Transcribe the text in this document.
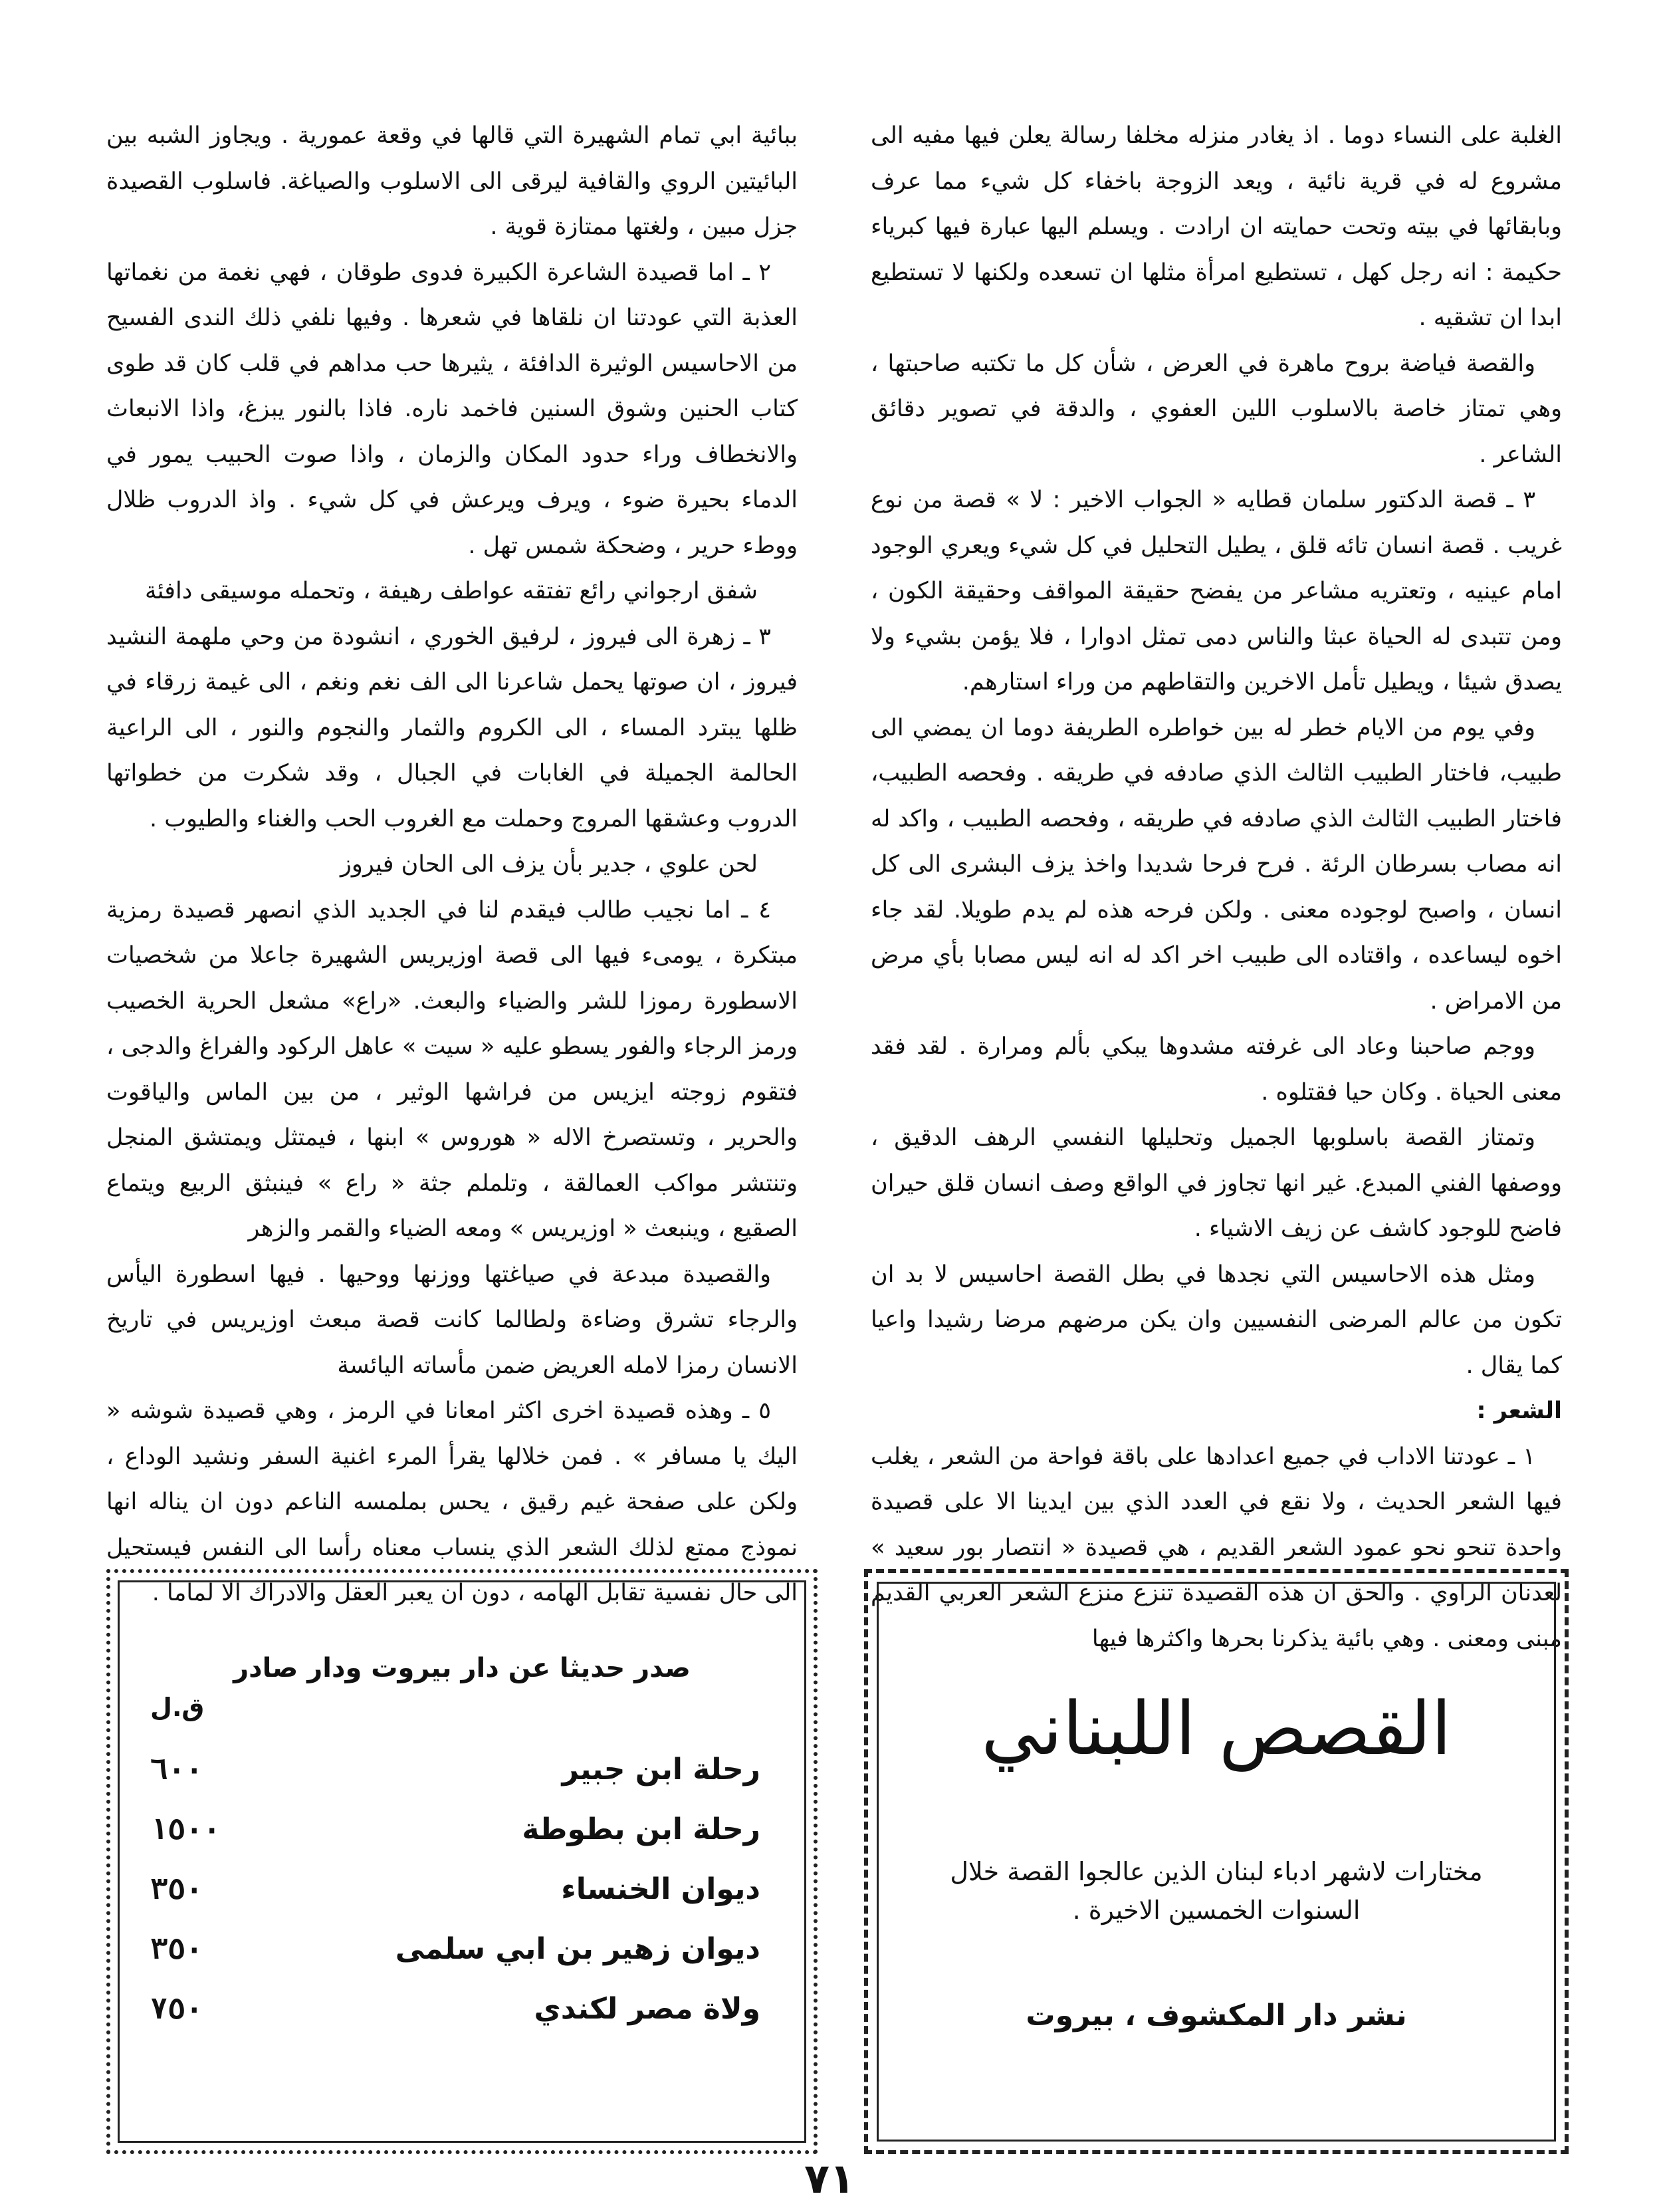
الغلبة على النساء دوما . اذ يغادر منزله مخلفا رسالة يعلن فيها مفيه الى مشروع له في قرية نائية ، ويعد الزوجة باخفاء كل شيء مما عرف وبابقائها في بيته وتحت حمايته ان ارادت . ويسلم اليها عبارة فيها كبرياء حكيمة : انه رجل كهل ، تستطيع امرأة مثلها ان تسعده ولكنها لا تستطيع ابدا ان تشقيه .

والقصة فياضة بروح ماهرة في العرض ، شأن كل ما تكتبه صاحبتها ، وهي تمتاز خاصة بالاسلوب اللين العفوي ، والدقة في تصوير دقائق الشاعر .

٣ ـ قصة الدكتور سلمان قطايه « الجواب الاخير : لا » قصة من نوع غريب . قصة انسان تائه قلق ، يطيل التحليل في كل شيء ويعري الوجود امام عينيه ، وتعتريه مشاعر من يفضح حقيقة المواقف وحقيقة الكون ، ومن تتبدى له الحياة عبثا والناس دمى تمثل ادوارا ، فلا يؤمن بشيء ولا يصدق شيئا ، ويطيل تأمل الاخرين والتقاطهم من وراء استارهم.

وفي يوم من الايام خطر له بين خواطره الطريفة دوما ان يمضي الى طبيب، فاختار الطبيب الثالث الذي صادفه في طريقه . وفحصه الطبيب، فاختار الطبيب الثالث الذي صادفه في طريقه ، وفحصه الطبيب ، واكد له انه مصاب بسرطان الرئة . فرح فرحا شديدا واخذ يزف البشرى الى كل انسان ، واصبح لوجوده معنى . ولكن فرحه هذه لم يدم طويلا. لقد جاء اخوه ليساعده ، واقتاده الى طبيب اخر اكد له انه ليس مصابا بأي مرض من الامراض .

ووجم صاحبنا وعاد الى غرفته مشدوها يبكي بألم ومرارة . لقد فقد معنى الحياة . وكان حيا فقتلوه .

وتمتاز القصة باسلوبها الجميل وتحليلها النفسي الرهف الدقيق ، ووصفها الفني المبدع. غير انها تجاوز في الواقع وصف انسان قلق حيران فاضح للوجود كاشف عن زيف الاشياء .

ومثل هذه الاحاسيس التي نجدها في بطل القصة احاسيس لا بد ان تكون من عالم المرضى النفسيين وان يكن مرضهم مرضا رشيدا واعيا كما يقال .

الشعر :

١ ـ عودتنا الاداب في جميع اعدادها على باقة فواحة من الشعر ، يغلب فيها الشعر الحديث ، ولا نقع في العدد الذي بين ايدينا الا على قصيدة واحدة تنحو نحو عمود الشعر القديم ، هي قصيدة « انتصار بور سعيد » لعدنان الراوي . والحق ان هذه القصيدة تنزع منزع الشعر العربي القديم مبنى ومعنى . وهي بائية يذكرنا بحرها واكثرها فيها

ببائية ابي تمام الشهيرة التي قالها في وقعة عمورية . ويجاوز الشبه بين البائيتين الروي والقافية ليرقى الى الاسلوب والصياغة. فاسلوب القصيدة جزل مبين ، ولغتها ممتازة قوية .

٢ ـ اما قصيدة الشاعرة الكبيرة فدوى طوقان ، فهي نغمة من نغماتها العذبة التي عودتنا ان نلقاها في شعرها . وفيها نلفي ذلك الندى الفسيح من الاحاسيس الوثيرة الدافئة ، يثيرها حب مداهم في قلب كان قد طوى كتاب الحنين وشوق السنين فاخمد ناره. فاذا بالنور يبزغ، واذا الانبعاث والانخطاف وراء حدود المكان والزمان ، واذا صوت الحبيب يمور في الدماء بحيرة ضوء ، ويرف ويرعش في كل شيء . واذ الدروب ظلال ووطء حرير ، وضحكة شمس تهل .

شفق ارجواني رائع تفتقه عواطف رهيفة ، وتحمله موسيقى دافئة

٣ ـ زهرة الى فيروز ، لرفيق الخوري ، انشودة من وحي ملهمة النشيد فيروز ، ان صوتها يحمل شاعرنا الى الف نغم ونغم ، الى غيمة زرقاء في ظلها يبترد المساء ، الى الكروم والثمار والنجوم والنور ، الى الراعية الحالمة الجميلة في الغابات في الجبال ، وقد شكرت من خطواتها الدروب وعشقها المروج وحملت مع الغروب الحب والغناء والطيوب .

لحن علوي ، جدير بأن يزف الى الحان فيروز

٤ ـ اما نجيب طالب فيقدم لنا في الجديد الذي انصهر قصيدة رمزية مبتكرة ، يومىء فيها الى قصة اوزيريس الشهيرة جاعلا من شخصيات الاسطورة رموزا للشر والضياء والبعث. «راع» مشعل الحرية الخصيب ورمز الرجاء والفور يسطو عليه « سيت » عاهل الركود والفراغ والدجى ، فتقوم زوجته ايزيس من فراشها الوثير ، من بين الماس والياقوت والحرير ، وتستصرخ الاله « هوروس » ابنها ، فيمتثل ويمتشق المنجل وتنتشر مواكب العمالقة ، وتلملم جثة « راع » فينبثق الربيع ويتماع الصقيع ، وينبعث « اوزيريس » ومعه الضياء والقمر والزهر

والقصيدة مبدعة في صياغتها ووزنها ووحيها . فيها اسطورة اليأس والرجاء تشرق وضاءة ولطالما كانت قصة مبعث اوزيريس في تاريخ الانسان رمزا لامله العريض ضمن مأساته اليائسة

٥ ـ وهذه قصيدة اخرى اكثر امعانا في الرمز ، وهي قصيدة شوشه « اليك يا مسافر » . فمن خلالها يقرأ المرء اغنية السفر ونشيد الوداع ، ولكن على صفحة غيم رقيق ، يحس بملمسه الناعم دون ان يناله انها نموذج ممتع لذلك الشعر الذي ينساب معناه رأسا الى النفس فيستحيل الى حال نفسية تقابل الهامه ، دون ان يعبر العقل والادراك الا لماما .

القصص اللبناني

مختارات لاشهر ادباء لبنان الذين عالجوا القصة خلال السنوات الخمسين الاخيرة .

نشر دار المكشوف ، بيروت

صدر حديثا عن دار بيروت ودار صادر

ق.ل
رحلة ابن جبير
٦٠٠
رحلة ابن بطوطة
١٥٠٠
ديوان الخنساء
٣٥٠
ديوان زهير بن ابي سلمى
٣٥٠
ولاة مصر لكندي
٧٥٠
٧١
